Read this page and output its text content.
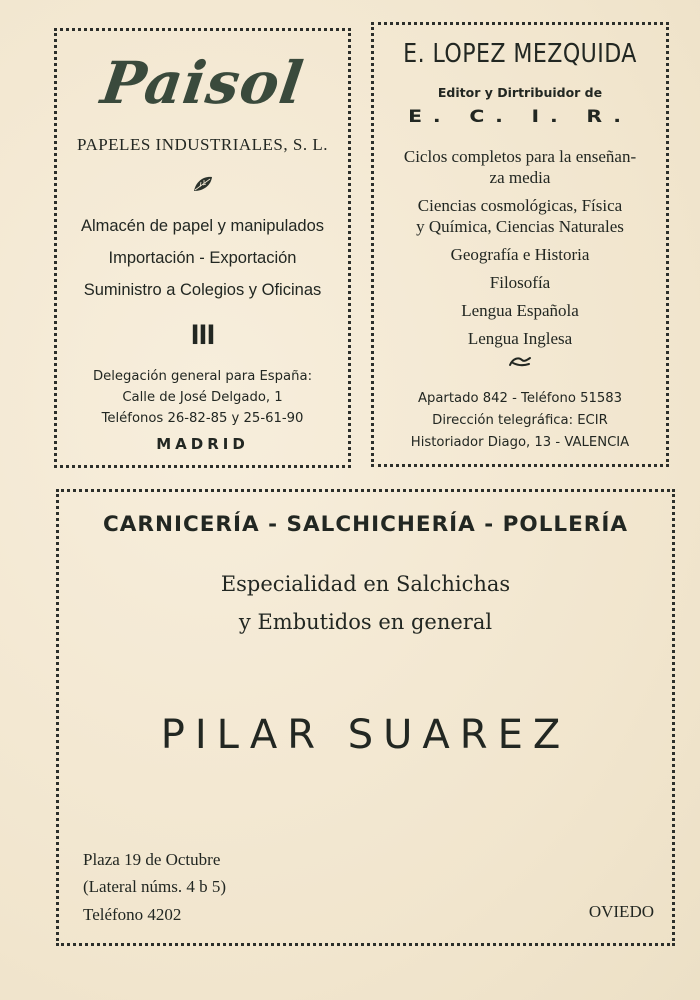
Paisol
PAPELES INDUSTRIALES, S. L.
Almacén de papel y manipulados
Importación - Exportación
Suministro a Colegios y Oficinas
III
Delegación general para España:
Calle de José Delgado, 1
Teléfonos 26-82-85 y 25-61-90
MADRID
E. LOPEZ MEZQUIDA
Editor y Dirtribuidor de
E. C. I. R.
Ciclos completos para la enseñan-
za media
Ciencias cosmológicas, Física
y Química, Ciencias Naturales
Geografía e Historia
Filosofía
Lengua Española
Lengua Inglesa
Apartado 842 - Teléfono 51583
Dirección telegráfica: ECIR
Historiador Diago, 13 - VALENCIA
CARNICERÍA - SALCHICHERÍA - POLLERÍA
Especialidad en Salchichas
y Embutidos en general
PILAR SUAREZ
Plaza 19 de Octubre
(Lateral núms. 4 b 5)
Teléfono 4202	OVIEDO
